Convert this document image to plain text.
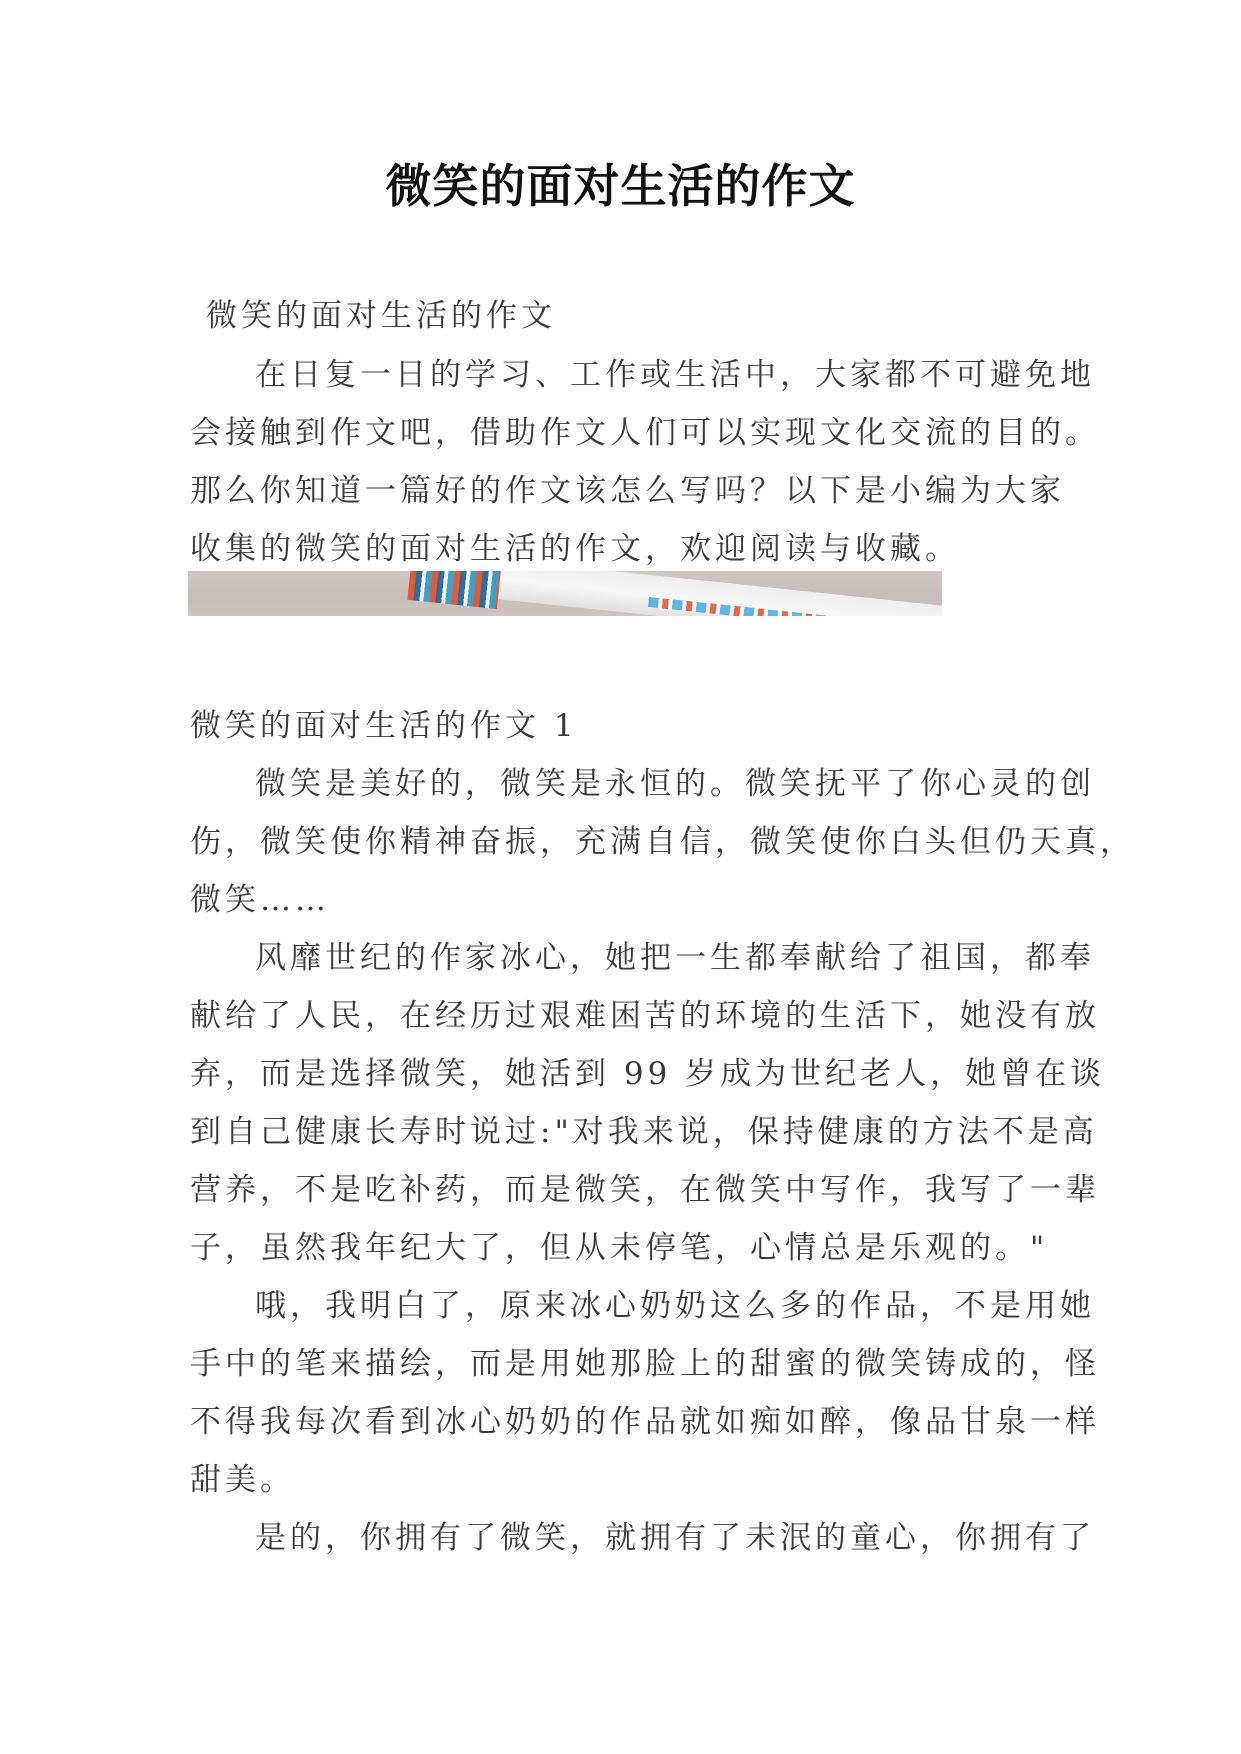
微笑的面对生活的作文
微笑的面对生活的作文
在日复一日的学习、工作或生活中，大家都不可避免地
会接触到作文吧，借助作文人们可以实现文化交流的目的。
那么你知道一篇好的作文该怎么写吗？以下是小编为大家
收集的微笑的面对生活的作文，欢迎阅读与收藏。
微笑的面对生活的作文 1
微笑是美好的，微笑是永恒的。微笑抚平了你心灵的创
伤，微笑使你精神奋振，充满自信，微笑使你白头但仍天真，
微笑……
风靡世纪的作家冰心，她把一生都奉献给了祖国，都奉
献给了人民，在经历过艰难困苦的环境的生活下，她没有放
弃，而是选择微笑，她活到 99 岁成为世纪老人，她曾在谈
到自己健康长寿时说过:"对我来说，保持健康的方法不是高
营养，不是吃补药，而是微笑，在微笑中写作，我写了一辈
子，虽然我年纪大了，但从未停笔，心情总是乐观的。"
哦，我明白了，原来冰心奶奶这么多的作品，不是用她
手中的笔来描绘，而是用她那脸上的甜蜜的微笑铸成的，怪
不得我每次看到冰心奶奶的作品就如痴如醉，像品甘泉一样
甜美。
是的，你拥有了微笑，就拥有了未泯的童心，你拥有了
